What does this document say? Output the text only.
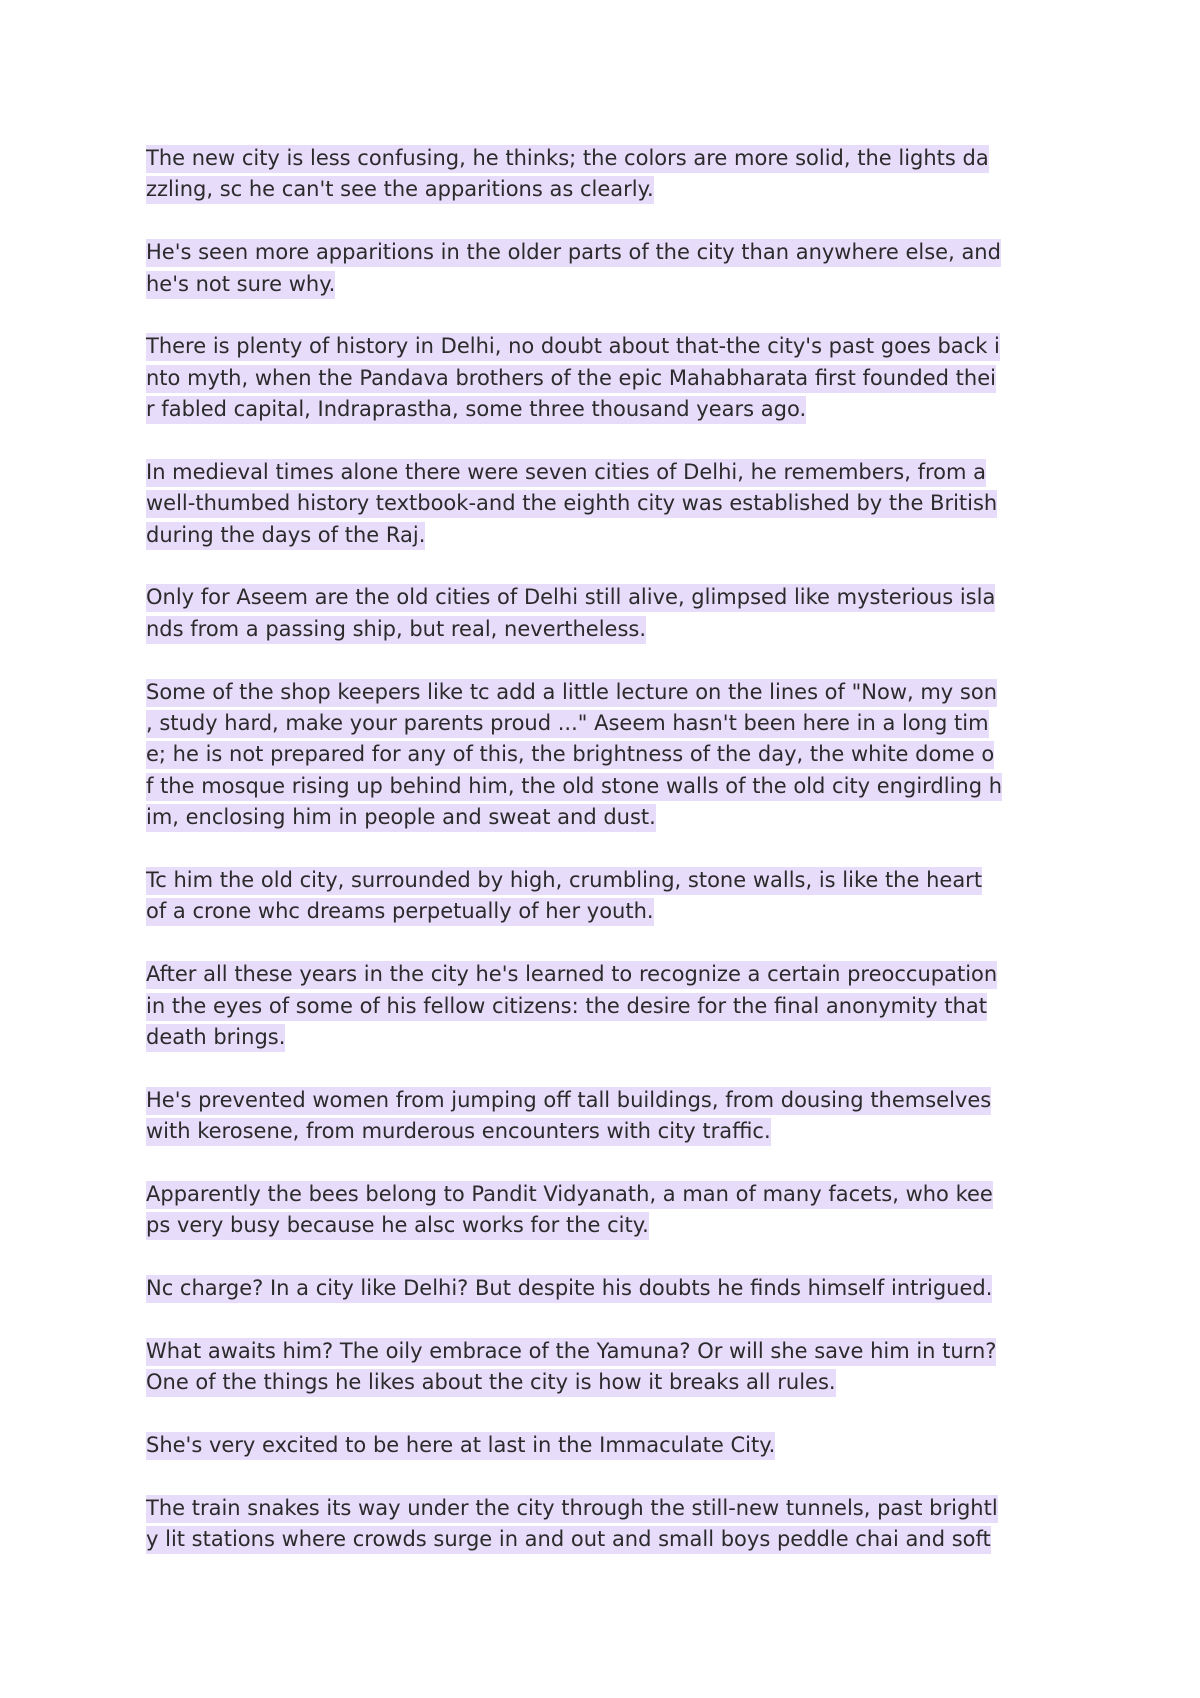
The new city is less confusing, he thinks; the colors are more solid, the lights da
zzling, sc he can't see the apparitions as clearly.

He's seen more apparitions in the older parts of the city than anywhere else, and
he's not sure why.

There is plenty of history in Delhi, no doubt about that-the city's past goes back i
nto myth, when the Pandava brothers of the epic Mahabharata first founded thei
r fabled capital, Indraprastha, some three thousand years ago.

In medieval times alone there were seven cities of Delhi, he remembers, from a
well-thumbed history textbook-and the eighth city was established by the British
during the days of the Raj.

Only for Aseem are the old cities of Delhi still alive, glimpsed like mysterious isla
nds from a passing ship, but real, nevertheless.

Some of the shop keepers like tc add a little lecture on the lines of "Now, my son
, study hard, make your parents proud ..." Aseem hasn't been here in a long tim
e; he is not prepared for any of this, the brightness of the day, the white dome o
f the mosque rising up behind him, the old stone walls of the old city engirdling h
im, enclosing him in people and sweat and dust.

Tc him the old city, surrounded by high, crumbling, stone walls, is like the heart
of a crone whc dreams perpetually of her youth.

After all these years in the city he's learned to recognize a certain preoccupation
in the eyes of some of his fellow citizens: the desire for the final anonymity that
death brings.

He's prevented women from jumping off tall buildings, from dousing themselves
with kerosene, from murderous encounters with city traffic.

Apparently the bees belong to Pandit Vidyanath, a man of many facets, who kee
ps very busy because he alsc works for the city.

Nc charge? In a city like Delhi? But despite his doubts he finds himself intrigued.

What awaits him? The oily embrace of the Yamuna? Or will she save him in turn?
One of the things he likes about the city is how it breaks all rules.

She's very excited to be here at last in the Immaculate City.

The train snakes its way under the city through the still-new tunnels, past brightl
y lit stations where crowds surge in and out and small boys peddle chai and soft
